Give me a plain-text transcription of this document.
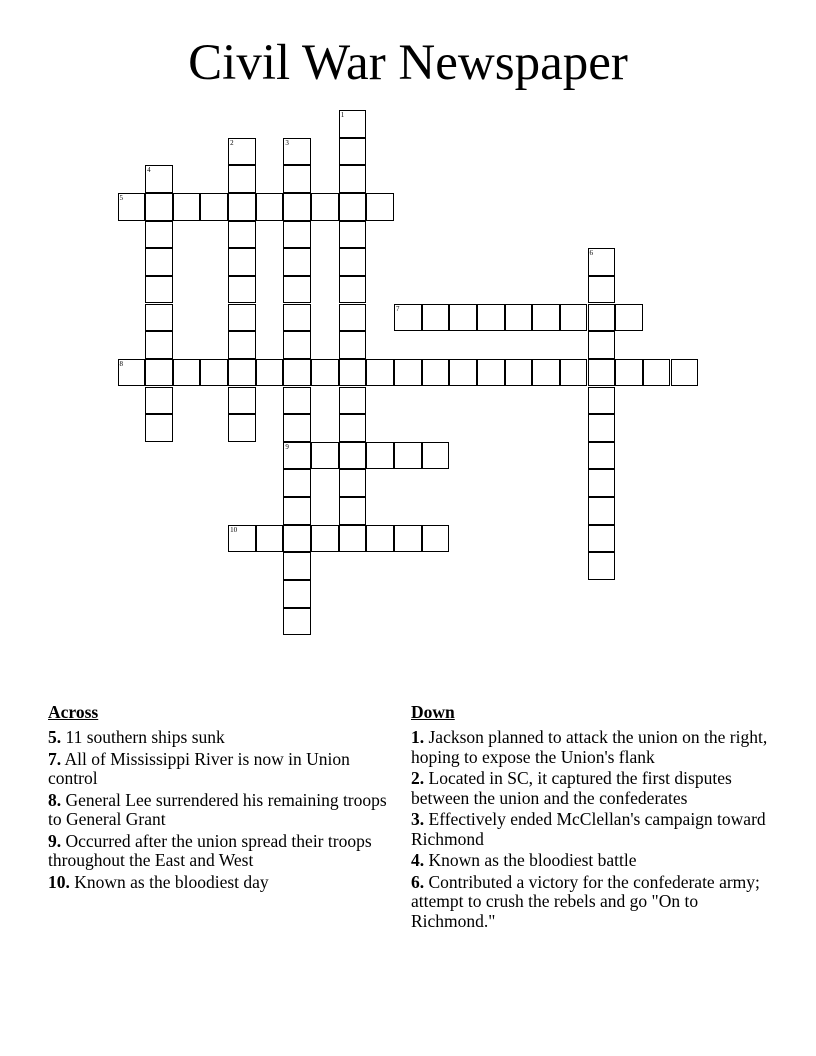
Civil War Newspaper
1
2	3
9
4
5
6
7
8
10
Across
5. 11 southern ships sunk
7. All of Mississippi River is now in Union control
8. General Lee surrendered his remaining troops to General Grant
9. Occurred after the union spread their troops throughout the East and West
10. Known as the bloodiest day
Down
1. Jackson planned to attack the union on the right, hoping to expose the Union's flank
2. Located in SC, it captured the first disputes between the union and the confederates
3. Effectively ended McClellan's campaign toward Richmond
4. Known as the bloodiest battle
6. Contributed a victory for the confederate army; attempt to crush the rebels and go "On to Richmond."
